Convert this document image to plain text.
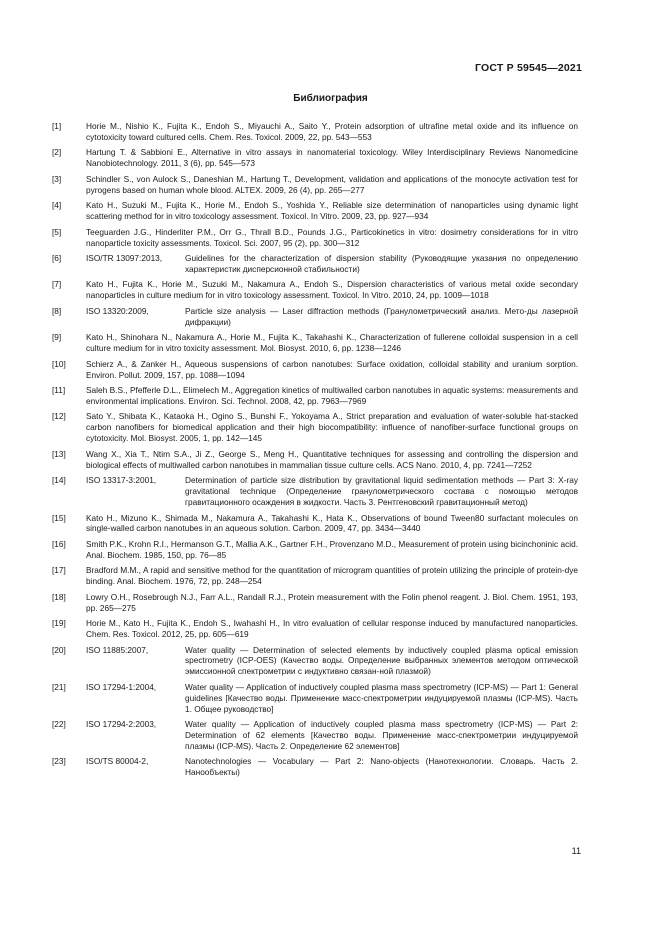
ГОСТ Р 59545—2021
Библиография
[1]	Horie M., Nishio K., Fujita K., Endoh S., Miyauchi A., Saito Y., Protein adsorption of ultrafine metal oxide and its influence on cytotoxicity toward cultured cells. Chem. Res. Toxicol. 2009, 22, pp. 543—553
[2]	Hartung T. & Sabbioni E., Alternative in vitro assays in nanomaterial toxicology. Wiley Interdisciplinary Reviews Nanomedicine Nanobiotechnology. 2011, 3 (6), pp. 545—573
[3]	Schindler S., von Aulock S., Daneshian M., Hartung T., Development, validation and applications of the monocyte activation test for pyrogens based on human whole blood. ALTEX. 2009, 26 (4), pp. 265—277
[4]	Kato H., Suzuki M., Fujita K., Horie M., Endoh S., Yoshida Y., Reliable size determination of nanoparticles using dynamic light scattering method for in vitro toxicology assessment. Toxicol. In Vitro. 2009, 23, pp. 927—934
[5]	Teeguarden J.G., Hinderliter P.M., Orr G., Thrall B.D., Pounds J.G., Particokinetics in vitro: dosimetry considerations for in vitro nanoparticle toxicity assessments. Toxicol. Sci. 2007, 95 (2), pp. 300—312
[6]	ISO/TR 13097:2013,	Guidelines for the characterization of dispersion stability (Руководящие указания по определению характеристик дисперсионной стабильности)
[7]	Kato H., Fujita K., Horie M., Suzuki M., Nakamura A., Endoh S., Dispersion characteristics of various metal oxide secondary nanoparticles in culture medium for in vitro toxicology assessment. Toxicol. In Vitro. 2010, 24, pp. 1009—1018
[8]	ISO 13320:2009,	Particle size analysis — Laser diffraction methods (Гранулометрический анализ. Мето-ды лазерной дифракции)
[9]	Kato H., Shinohara N., Nakamura A., Horie M., Fujita K., Takahashi K., Characterization of fullerene colloidal suspension in a cell culture medium for in vitro toxicity assessment. Mol. Biosyst. 2010, 6, pp. 1238—1246
[10]	Schierz A., & Zanker H., Aqueous suspensions of carbon nanotubes: Surface oxidation, colloidal stability and uranium sorption. Environ. Pollut. 2009, 157, pp. 1088—1094
[11]	Saleh B.S., Pfefferle D.L., Elimelech M., Aggregation kinetics of multiwalled carbon nanotubes in aquatic systems: measurements and environmental implications. Environ. Sci. Technol. 2008, 42, pp. 7963—7969
[12]	Sato Y., Shibata K., Kataoka H., Ogino S., Bunshi F., Yokoyama A., Strict preparation and evaluation of water-soluble hat-stacked carbon nanofibers for biomedical application and their high biocompatibility: influence of nanofiber-surface functional groups on cytotoxicity. Mol. Biosyst. 2005, 1, pp. 142—145
[13]	Wang X., Xia T., Ntim S.A., Ji Z., George S., Meng H., Quantitative techniques for assessing and controlling the dispersion and biological effects of multiwalled carbon nanotubes in mammalian tissue culture cells. ACS Nano. 2010, 4, pp. 7241—7252
[14]	ISO 13317-3:2001,	Determination of particle size distribution by gravitational liquid sedimentation methods — Part 3: X-ray gravitational technique (Определение гранулометрического состава с помощью методов гравитационного осаждения в жидкости. Часть 3. Рентгеновский гравитационный метод)
[15]	Kato H., Mizuno K., Shimada M., Nakamura A., Takahashi K., Hata K., Observations of bound Tween80 surfactant molecules on single-walled carbon nanotubes in an aqueous solution. Carbon. 2009, 47, pp. 3434—3440
[16]	Smith P.K., Krohn R.I., Hermanson G.T., Mallia A.K., Gartner F.H., Provenzano M.D., Measurement of protein using bicinchoninic acid. Anal. Biochem. 1985, 150, pp. 76—85
[17]	Bradford M.M., A rapid and sensitive method for the quantitation of microgram quantities of protein utilizing the principle of protein-dye binding. Anal. Biochem. 1976, 72, pp. 248—254
[18]	Lowry O.H., Rosebrough N.J., Farr A.L., Randall R.J., Protein measurement with the Folin phenol reagent. J. Biol. Chem. 1951, 193, pp. 265—275
[19]	Horie M., Kato H., Fujita K., Endoh S., Iwahashi H., In vitro evaluation of cellular response induced by manufactured nanoparticles. Chem. Res. Toxicol. 2012, 25, pp. 605—619
[20]	ISO 11885:2007,	Water quality — Determination of selected elements by inductively coupled plasma optical emission spectrometry (ICP-OES) (Качество воды. Определение выбранных элементов методом оптической эмиссионной спектрометрии с индуктивно связан-ной плазмой)
[21]	ISO 17294-1:2004,	Water quality — Application of inductively coupled plasma mass spectrometry (ICP-MS) — Part 1: General guidelines [Качество воды. Применение масс-спектрометрии индуцируемой плазмы (ICP-MS). Часть 1. Общее руководство]
[22]	ISO 17294-2:2003,	Water quality — Application of inductively coupled plasma mass spectrometry (ICP-MS) — Part 2: Determination of 62 elements [Качество воды. Применение масс-спектрометрии индуцируемой плазмы (ICP-MS). Часть 2. Определение 62 элементов]
[23]	ISO/TS 80004-2,	Nanotechnologies — Vocabulary — Part 2: Nano-objects (Нанотехнологии. Словарь. Часть 2. Нанообъекты)
11
